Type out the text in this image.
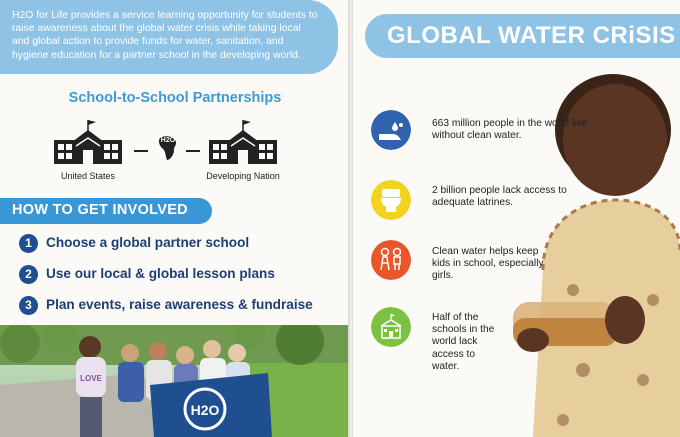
H2O for Life provides a service learning opportunity for students to raise awareness about the global water crisis while taking local and global action to provide funds for water, sanitation, and hygiene education for a partner school in the developing world.

School-to-School Partnerships
H2O
United States	Developing Nation
HOW TO GET INVOLVED
1	Choose a global partner school
2	Use our local & global lesson plans
3	Plan events, raise awareness & fundraise
LOVE
H2O
GLOBAL WATER CRiSIS
663 million people in the world live without clean water.
2 billion people lack access to adequate latrines.
Clean water helps keep kids in school, especially girls.
Half of the schools in the world lack access to water.
